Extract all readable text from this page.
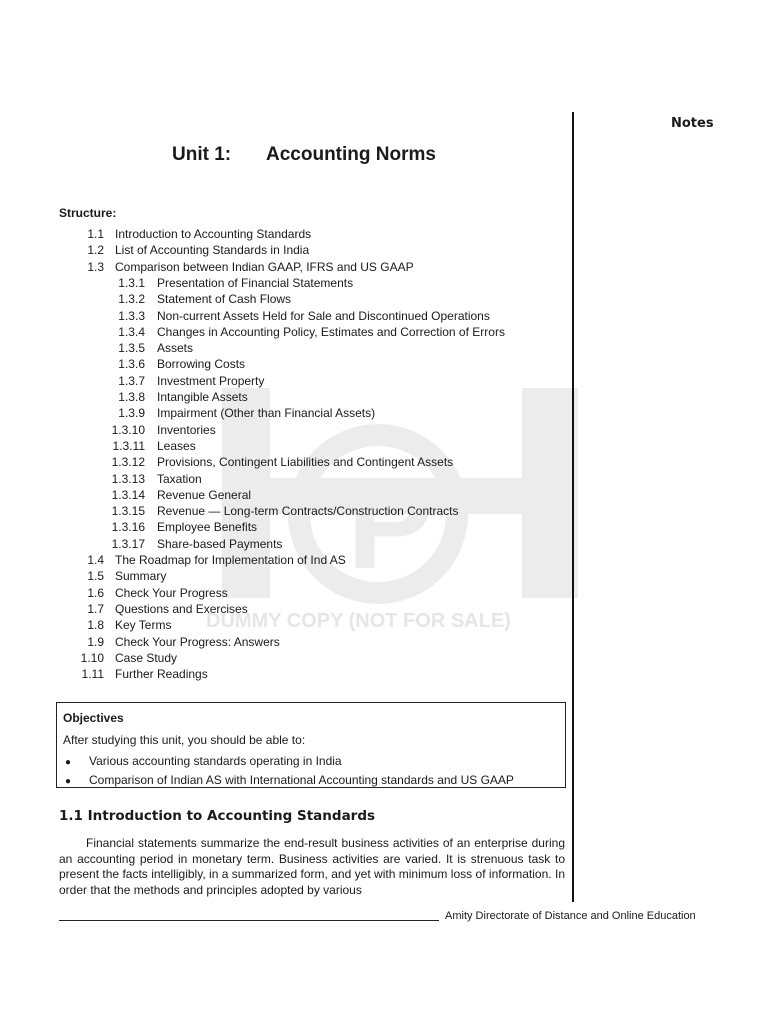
P
DUMMY COPY (NOT FOR SALE)
Notes
Unit 1: Accounting Norms
Structure:
1.1 Introduction to Accounting Standards
1.2 List of Accounting Standards in India
1.3 Comparison between Indian GAAP, IFRS and US GAAP
1.3.1 Presentation of Financial Statements
1.3.2 Statement of Cash Flows
1.3.3 Non-current Assets Held for Sale and Discontinued Operations
1.3.4 Changes in Accounting Policy, Estimates and Correction of Errors
1.3.5 Assets
1.3.6 Borrowing Costs
1.3.7 Investment Property
1.3.8 Intangible Assets
1.3.9 Impairment (Other than Financial Assets)
1.3.10 Inventories
1.3.11 Leases
1.3.12 Provisions, Contingent Liabilities and Contingent Assets
1.3.13 Taxation
1.3.14 Revenue General
1.3.15 Revenue — Long-term Contracts/Construction Contracts
1.3.16 Employee Benefits
1.3.17 Share-based Payments
1.4 The Roadmap for Implementation of Ind AS
1.5 Summary
1.6 Check Your Progress
1.7 Questions and Exercises
1.8 Key Terms
1.9 Check Your Progress: Answers
1.10 Case Study
1.11 Further Readings
Objectives
After studying this unit, you should be able to:
● Various accounting standards operating in India
● Comparison of Indian AS with International Accounting standards and US GAAP
1.1 Introduction to Accounting Standards
Financial statements summarize the end-result business activities of an enterprise during an accounting period in monetary term. Business activities are varied. It is strenuous task to present the facts intelligibly, in a summarized form, and yet with minimum loss of information. In order that the methods and principles adopted by various
Amity Directorate of Distance and Online Education
